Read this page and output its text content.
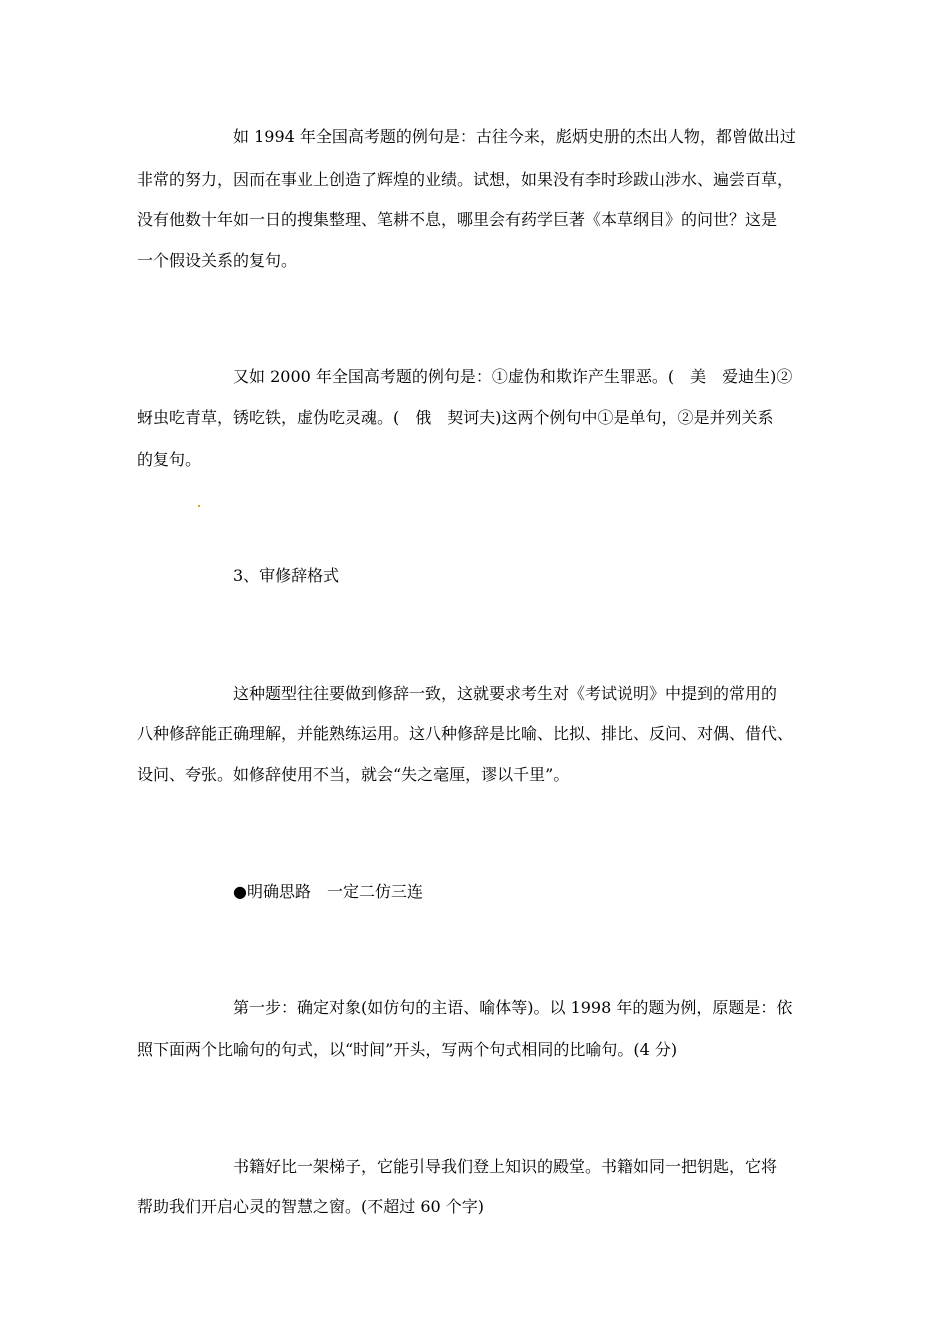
如 1994 年全国高考题的例句是：古往今来，彪炳史册的杰出人物，都曾做出过
非常的努力，因而在事业上创造了辉煌的业绩。试想，如果没有李时珍跋山涉水、遍尝百草，
没有他数十年如一日的搜集整理、笔耕不息，哪里会有药学巨著《本草纲目》的问世？这是
一个假设关系的复句。
又如 2000 年全国高考题的例句是：①虚伪和欺诈产生罪恶。(　美　爱迪生)②
蚜虫吃青草，锈吃铁，虚伪吃灵魂。(　俄　契诃夫)这两个例句中①是单句，②是并列关系
的复句。
3、审修辞格式
这种题型往往要做到修辞一致，这就要求考生对《考试说明》中提到的常用的
八种修辞能正确理解，并能熟练运用。这八种修辞是比喻、比拟、排比、反问、对偶、借代、
设问、夸张。如修辞使用不当，就会“失之毫厘，谬以千里”。
●明确思路　一定二仿三连
第一步：确定对象(如仿句的主语、喻体等)。以 1998 年的题为例，原题是：依
照下面两个比喻句的句式，以“时间”开头，写两个句式相同的比喻句。(4 分)
书籍好比一架梯子，它能引导我们登上知识的殿堂。书籍如同一把钥匙，它将
帮助我们开启心灵的智慧之窗。(不超过 60 个字)
